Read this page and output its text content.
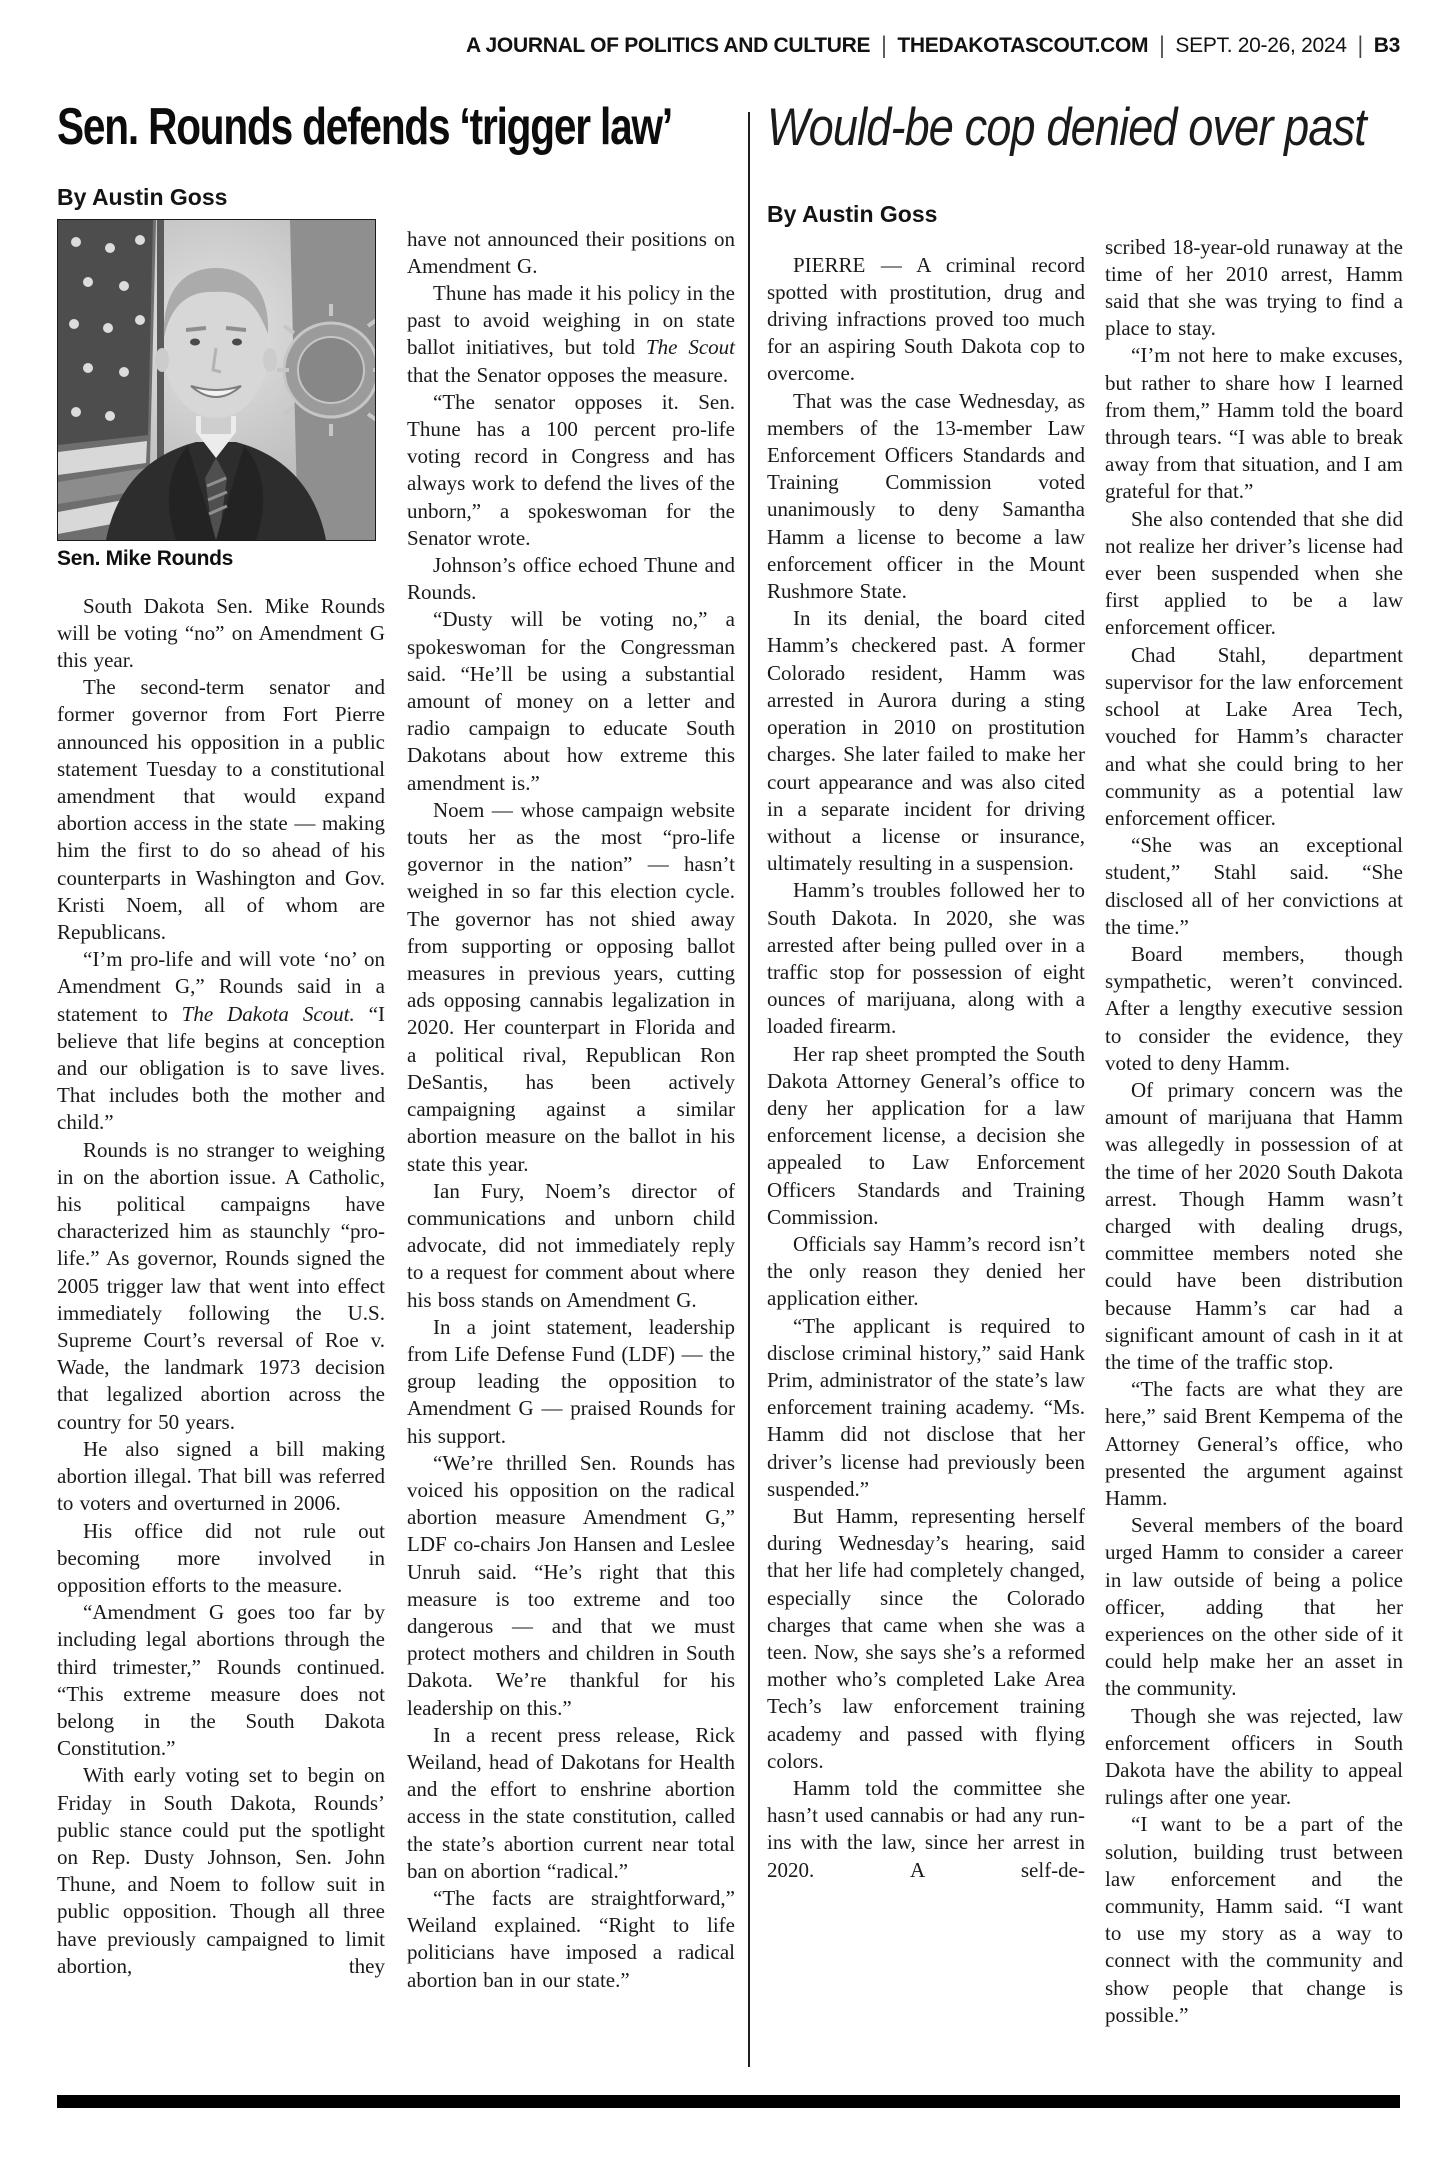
A JOURNAL OF POLITICS AND CULTURE | THEDAKOTASCOUT.COM | SEPT. 20-26, 2024 | B3
Sen. Rounds defends ‘trigger law’
By Austin Goss
Sen. Mike Rounds

South Dakota Sen. Mike Rounds will be voting “no” on Amendment G this year.

The second-term senator and former governor from Fort Pierre announced his opposition in a public statement Tuesday to a constitutional amendment that would expand abortion access in the state — making him the first to do so ahead of his counterparts in Washington and Gov. Kristi Noem, all of whom are Republicans.

“I’m pro-life and will vote ‘no’ on Amendment G,” Rounds said in a statement to The Dakota Scout. “I believe that life begins at conception and our obligation is to save lives. That includes both the mother and child.”

Rounds is no stranger to weighing in on the abortion issue. A Catholic, his political campaigns have characterized him as staunchly “pro-life.” As governor, Rounds signed the 2005 trigger law that went into effect immediately following the U.S. Supreme Court’s reversal of Roe v. Wade, the landmark 1973 decision that legalized abortion across the country for 50 years.

He also signed a bill making abortion illegal. That bill was referred to voters and overturned in 2006.

His office did not rule out becoming more involved in opposition efforts to the measure.

“Amendment G goes too far by including legal abortions through the third trimester,” Rounds continued. “This extreme measure does not belong in the South Dakota Constitution.”

With early voting set to begin on Friday in South Dakota, Rounds’ public stance could put the spotlight on Rep. Dusty Johnson, Sen. John Thune, and Noem to follow suit in public opposition. Though all three have previously campaigned to limit abortion, they

have not announced their positions on Amendment G.

Thune has made it his policy in the past to avoid weighing in on state ballot initiatives, but told The Scout that the Senator opposes the measure.

“The senator opposes it. Sen. Thune has a 100 percent pro-life voting record in Congress and has always work to defend the lives of the unborn,” a spokeswoman for the Senator wrote.

Johnson’s office echoed Thune and Rounds.

“Dusty will be voting no,” a spokeswoman for the Congressman said. “He’ll be using a substantial amount of money on a letter and radio campaign to educate South Dakotans about how extreme this amendment is.”

Noem — whose campaign website touts her as the most “pro-life governor in the nation” — hasn’t weighed in so far this election cycle. The governor has not shied away from supporting or opposing ballot measures in previous years, cutting ads opposing cannabis legalization in 2020. Her counterpart in Florida and a political rival, Republican Ron DeSantis, has been actively campaigning against a similar abortion measure on the ballot in his state this year.

Ian Fury, Noem’s director of communications and unborn child advocate, did not immediately reply to a request for comment about where his boss stands on Amendment G.

In a joint statement, leadership from Life Defense Fund (LDF) — the group leading the opposition to Amendment G — praised Rounds for his support.

“We’re thrilled Sen. Rounds has voiced his opposition on the radical abortion measure Amendment G,” LDF co-chairs Jon Hansen and Leslee Unruh said. “He’s right that this measure is too extreme and too dangerous — and that we must protect mothers and children in South Dakota. We’re thankful for his leadership on this.”

In a recent press release, Rick Weiland, head of Dakotans for Health and the effort to enshrine abortion access in the state constitution, called the state’s abortion current near total ban on abortion “radical.”

“The facts are straightforward,” Weiland explained. “Right to life politicians have imposed a radical abortion ban in our state.”

Would-be cop denied over past
By Austin Goss

PIERRE — A criminal record spotted with prostitution, drug and driving infractions proved too much for an aspiring South Dakota cop to overcome.

That was the case Wednesday, as members of the 13-member Law Enforcement Officers Standards and Training Commission voted unanimously to deny Samantha Hamm a license to become a law enforcement officer in the Mount Rushmore State.

In its denial, the board cited Hamm’s checkered past. A former Colorado resident, Hamm was arrested in Aurora during a sting operation in 2010 on prostitution charges. She later failed to make her court appearance and was also cited in a separate incident for driving without a license or insurance, ultimately resulting in a suspension.

Hamm’s troubles followed her to South Dakota. In 2020, she was arrested after being pulled over in a traffic stop for possession of eight ounces of marijuana, along with a loaded firearm.

Her rap sheet prompted the South Dakota Attorney General’s office to deny her application for a law enforcement license, a decision she appealed to Law Enforcement Officers Standards and Training Commission.

Officials say Hamm’s record isn’t the only reason they denied her application either.

“The applicant is required to disclose criminal history,” said Hank Prim, administrator of the state’s law enforcement training academy. “Ms. Hamm did not disclose that her driver’s license had previously been suspended.”

But Hamm, representing herself during Wednesday’s hearing, said that her life had completely changed, especially since the Colorado charges that came when she was a teen. Now, she says she’s a reformed mother who’s completed Lake Area Tech’s law enforcement training academy and passed with flying colors.

Hamm told the committee she hasn’t used cannabis or had any run-ins with the law, since her arrest in 2020. A self-de-

scribed 18-year-old runaway at the time of her 2010 arrest, Hamm said that she was trying to find a place to stay.

“I’m not here to make excuses, but rather to share how I learned from them,” Hamm told the board through tears. “I was able to break away from that situation, and I am grateful for that.”

She also contended that she did not realize her driver’s license had ever been suspended when she first applied to be a law enforcement officer.

Chad Stahl, department supervisor for the law enforcement school at Lake Area Tech, vouched for Hamm’s character and what she could bring to her community as a potential law enforcement officer.

“She was an exceptional student,” Stahl said. “She disclosed all of her convictions at the time.”

Board members, though sympathetic, weren’t convinced. After a lengthy executive session to consider the evidence, they voted to deny Hamm.

Of primary concern was the amount of marijuana that Hamm was allegedly in possession of at the time of her 2020 South Dakota arrest. Though Hamm wasn’t charged with dealing drugs, committee members noted she could have been distribution because Hamm’s car had a significant amount of cash in it at the time of the traffic stop.

“The facts are what they are here,” said Brent Kempema of the Attorney General’s office, who presented the argument against Hamm.

Several members of the board urged Hamm to consider a career in law outside of being a police officer, adding that her experiences on the other side of it could help make her an asset in the community.

Though she was rejected, law enforcement officers in South Dakota have the ability to appeal rulings after one year.

“I want to be a part of the solution, building trust between law enforcement and the community, Hamm said. “I want to use my story as a way to connect with the community and show people that change is possible.”
